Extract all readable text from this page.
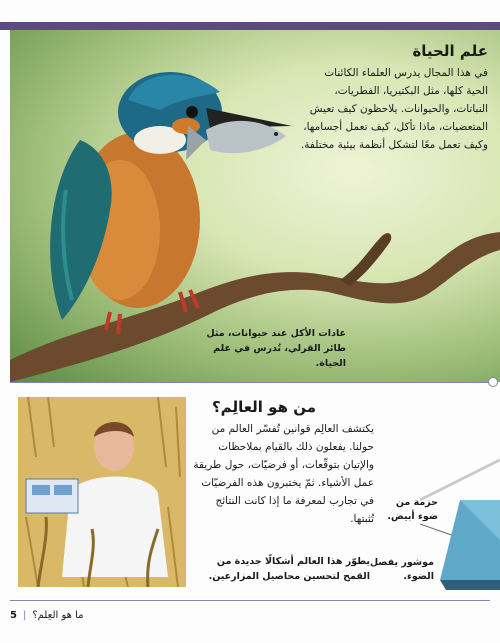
علم الحياة
في هذا المجال يدرس العلماء الكائنات الحية كلها، مثل البكتيريا، الفطريات، النباتات، والحيوانات. يلاحظون كيف تعيش المتعضيات، ماذا تأكل، كيف تعمل أجسامها، وكيف تعمل معًا لتشكل أنظمة بيئية مختلفة.
عادات الأكل عند حيوانات، مثل طائر القرلي، تُدرس في علم الحياة.
من هو العالِم؟
يكتشف العالِم قوانين تُفسّر العالم من حولنا. يفعلون ذلك بالقيام بملاحظات والإتيان بتوقّعات، أو فرضيّات، حول طريقة عمل الأشياء. ثمّ يختبرون هذه الفرضيّات في تجارب لمعرفة ما إذا كانت النتائج تُثبتها.
يطوّر هذا العالم أشكالًا جديدة من القمح لتحسين محاصيل المزارعين.
حزمة من ضوء أبيض.
موشور يفصل الضوء.
5 | ما هو العِلم؟
